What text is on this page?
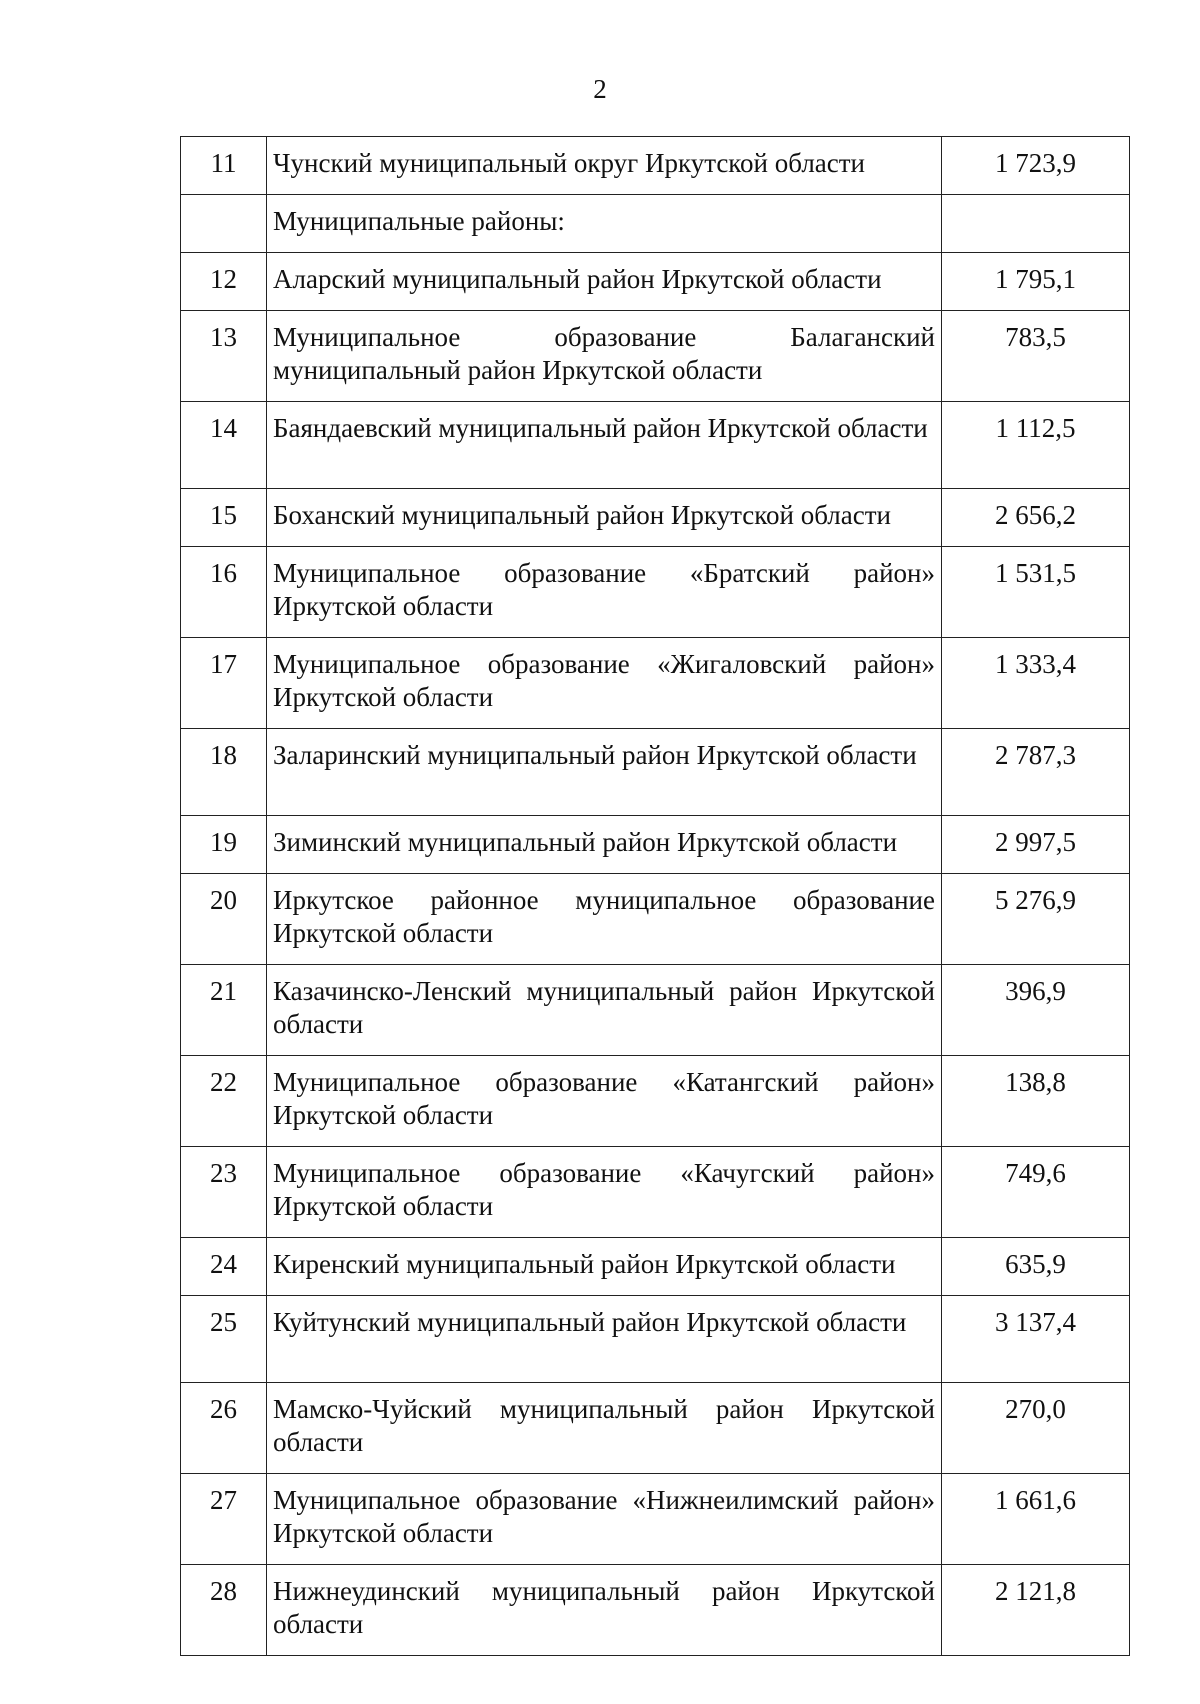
2
11	Чунский муниципальный округ Иркутской области	1 723,9
	Муниципальные районы:	
12	Аларский муниципальный район Иркутской области	1 795,1
13	Муниципальное образование Балаганский муниципальный район Иркутской области	783,5
14	Баяндаевский муниципальный район Иркутской области	1 112,5
15	Боханский муниципальный район Иркутской области	2 656,2
16	Муниципальное образование «Братский район» Иркутской области	1 531,5
17	Муниципальное образование «Жигаловский район» Иркутской области	1 333,4
18	Заларинский муниципальный район Иркутской области	2 787,3
19	Зиминский муниципальный район Иркутской области	2 997,5
20	Иркутское районное муниципальное образование Иркутской области	5 276,9
21	Казачинско-Ленский муниципальный район Иркутской области	396,9
22	Муниципальное образование «Катангский район» Иркутской области	138,8
23	Муниципальное образование «Качугский район» Иркутской области	749,6
24	Киренский муниципальный район Иркутской области	635,9
25	Куйтунский муниципальный район Иркутской области	3 137,4
26	Мамско-Чуйский муниципальный район Иркутской области	270,0
27	Муниципальное образование «Нижнеилимский район» Иркутской области	1 661,6
28	Нижнеудинский муниципальный район Иркутской области	2 121,8
